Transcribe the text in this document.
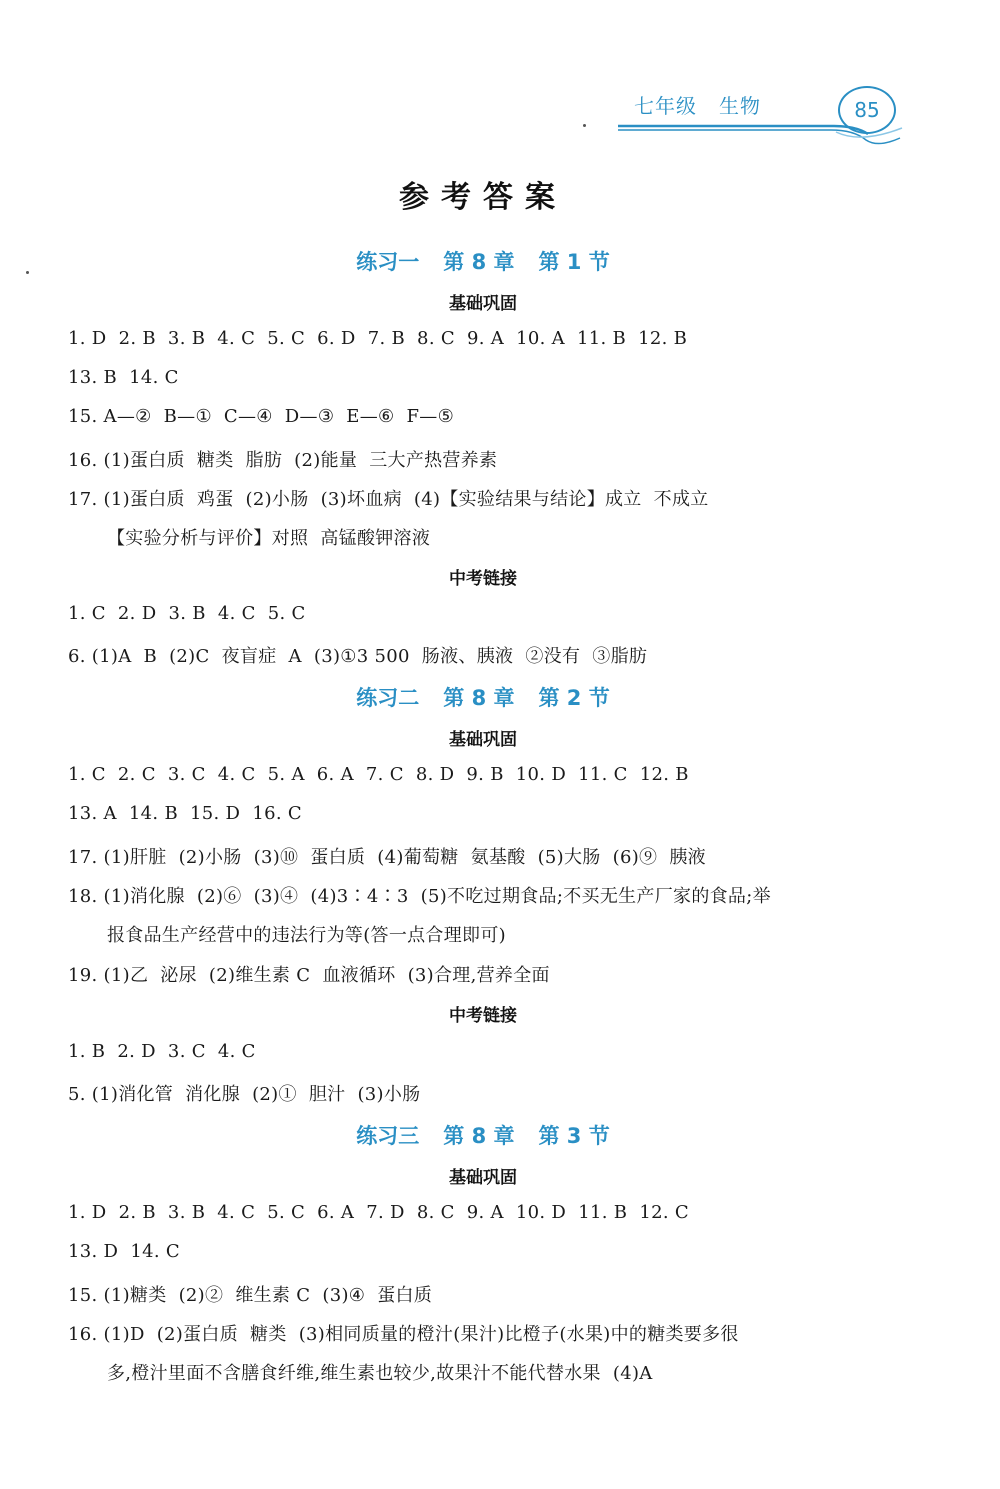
七年级 生物	85
参考答案
练习一 第 8 章 第 1 节
基础巩固
1. D  2. B  3. B  4. C  5. C  6. D  7. B  8. C  9. A  10. A  11. B  12. B
13. B  14. C
15. A—②  B—①  C—④  D—③  E—⑥  F—⑤
16. (1)蛋白质  糖类  脂肪  (2)能量  三大产热营养素
17. (1)蛋白质  鸡蛋  (2)小肠  (3)坏血病  (4)【实验结果与结论】成立  不成立
【实验分析与评价】对照  高锰酸钾溶液
中考链接
1. C  2. D  3. B  4. C  5. C
6. (1)A  B  (2)C  夜盲症  A  (3)①3 500  肠液、胰液  ②没有  ③脂肪
练习二 第 8 章 第 2 节
基础巩固
1. C  2. C  3. C  4. C  5. A  6. A  7. C  8. D  9. B  10. D  11. C  12. B
13. A  14. B  15. D  16. C
17. (1)肝脏  (2)小肠  (3)⑩  蛋白质  (4)葡萄糖  氨基酸  (5)大肠  (6)⑨  胰液
18. (1)消化腺  (2)⑥  (3)④  (4)3∶4∶3  (5)不吃过期食品;不买无生产厂家的食品;举
报食品生产经营中的违法行为等(答一点合理即可)
19. (1)乙  泌尿  (2)维生素 C  血液循环  (3)合理,营养全面
中考链接
1. B  2. D  3. C  4. C
5. (1)消化管  消化腺  (2)①  胆汁  (3)小肠
练习三 第 8 章 第 3 节
基础巩固
1. D  2. B  3. B  4. C  5. C  6. A  7. D  8. C  9. A  10. D  11. B  12. C
13. D  14. C
15. (1)糖类  (2)②  维生素 C  (3)④  蛋白质
16. (1)D  (2)蛋白质  糖类  (3)相同质量的橙汁(果汁)比橙子(水果)中的糖类要多很
多,橙汁里面不含膳食纤维,维生素也较少,故果汁不能代替水果  (4)A
